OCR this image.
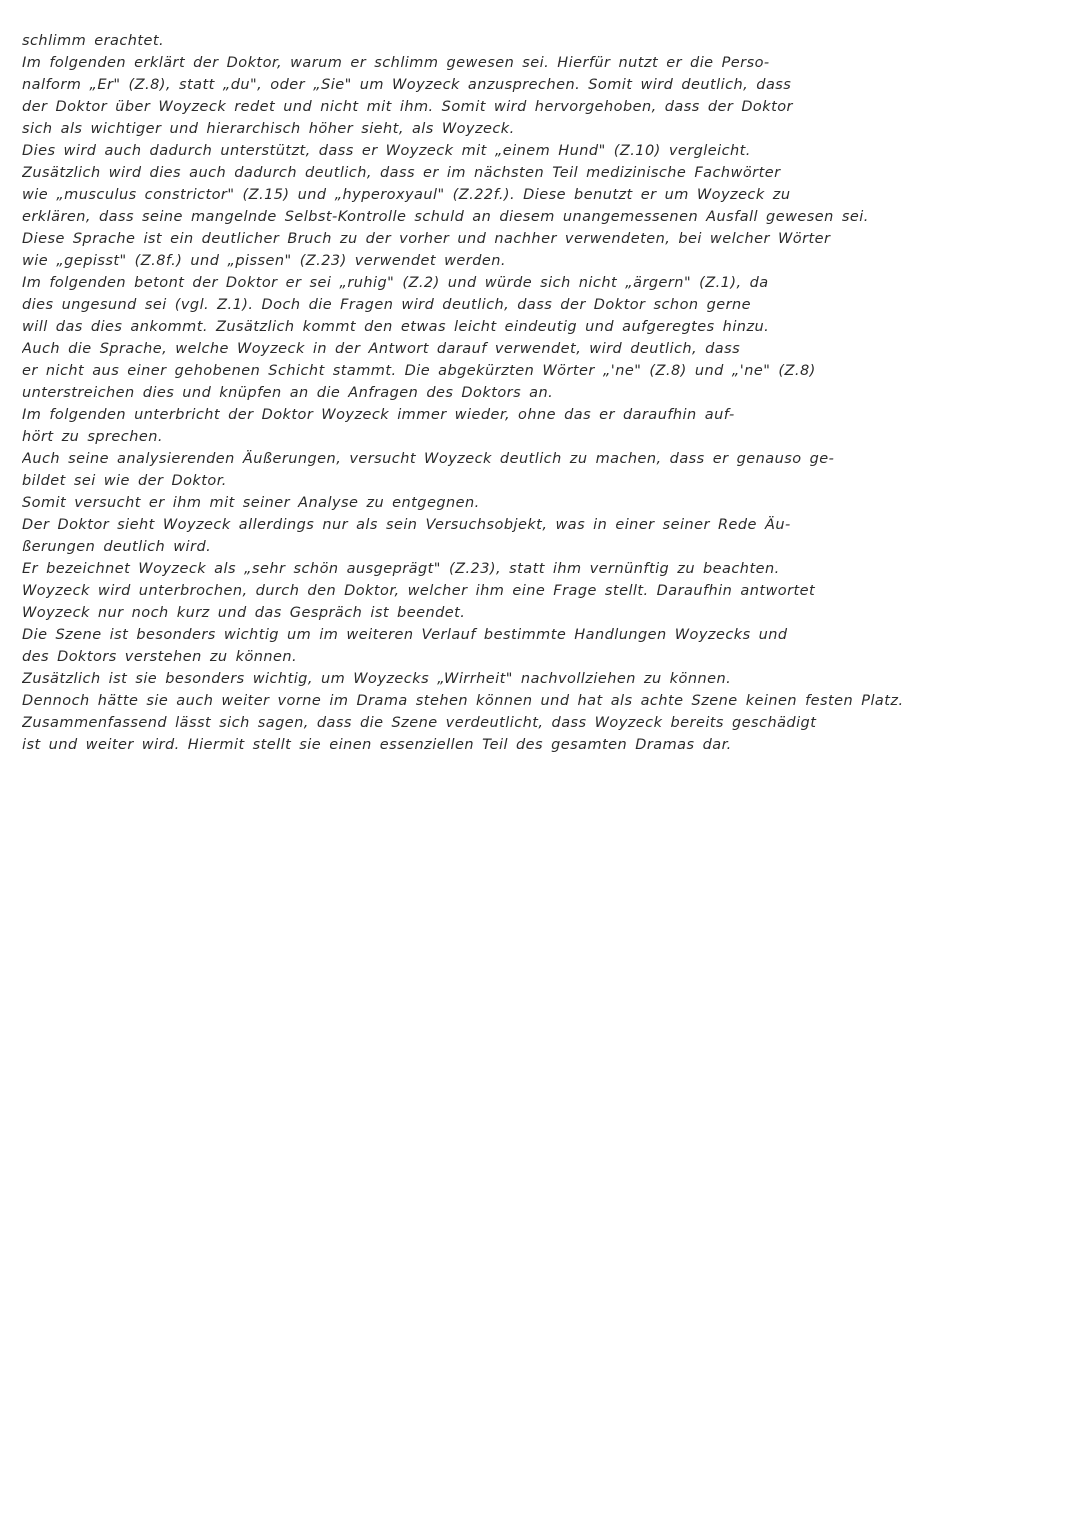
schlimm erachtet.
Im folgenden erklärt der Doktor, warum er schlimm gewesen sei. Hierfür nutzt er die Perso-
nalform „Er" (Z.8), statt „du", oder „Sie" um Woyzeck anzusprechen. Somit wird deutlich, dass
der Doktor über Woyzeck redet und nicht mit ihm. Somit wird hervorgehoben, dass der Doktor
sich als wichtiger und hierarchisch höher sieht, als Woyzeck.
Dies wird auch dadurch unterstützt, dass er Woyzeck mit „einem Hund" (Z.10) vergleicht.
Zusätzlich wird dies auch dadurch deutlich, dass er im nächsten Teil medizinische Fachwörter
wie „musculus constrictor" (Z.15) und „hyperoxyaul" (Z.22f.). Diese benutzt er um Woyzeck zu
erklären, dass seine mangelnde Selbst-Kontrolle schuld an diesem unangemessenen Ausfall gewesen sei.
Diese Sprache ist ein deutlicher Bruch zu der vorher und nachher verwendeten, bei welcher Wörter
wie „gepisst" (Z.8f.) und „pissen" (Z.23) verwendet werden.
Im folgenden betont der Doktor er sei „ruhig" (Z.2) und würde sich nicht „ärgern" (Z.1), da
dies ungesund sei (vgl. Z.1). Doch die Fragen wird deutlich, dass der Doktor schon gerne
will das dies ankommt. Zusätzlich kommt den etwas leicht eindeutig und aufgeregtes hinzu.
Auch die Sprache, welche Woyzeck in der Antwort darauf verwendet, wird deutlich, dass
er nicht aus einer gehobenen Schicht stammt. Die abgekürzten Wörter „'ne" (Z.8) und „'ne" (Z.8)
unterstreichen dies und knüpfen an die Anfragen des Doktors an.
Im folgenden unterbricht der Doktor Woyzeck immer wieder, ohne das er daraufhin auf-
hört zu sprechen.
Auch seine analysierenden Äußerungen, versucht Woyzeck deutlich zu machen, dass er genauso ge-
bildet sei wie der Doktor.
Somit versucht er ihm mit seiner Analyse zu entgegnen.
Der Doktor sieht Woyzeck allerdings nur als sein Versuchsobjekt, was in einer seiner Rede Äu-
ßerungen deutlich wird.
Er bezeichnet Woyzeck als „sehr schön ausgeprägt" (Z.23), statt ihm vernünftig zu beachten.
Woyzeck wird unterbrochen, durch den Doktor, welcher ihm eine Frage stellt. Daraufhin antwortet
Woyzeck nur noch kurz und das Gespräch ist beendet.
Die Szene ist besonders wichtig um im weiteren Verlauf bestimmte Handlungen Woyzecks und
des Doktors verstehen zu können.
Zusätzlich ist sie besonders wichtig, um Woyzecks „Wirrheit" nachvollziehen zu können.
Dennoch hätte sie auch weiter vorne im Drama stehen können und hat als achte Szene keinen festen Platz.
Zusammenfassend lässt sich sagen, dass die Szene verdeutlicht, dass Woyzeck bereits geschädigt
ist und weiter wird. Hiermit stellt sie einen essenziellen Teil des gesamten Dramas dar.
